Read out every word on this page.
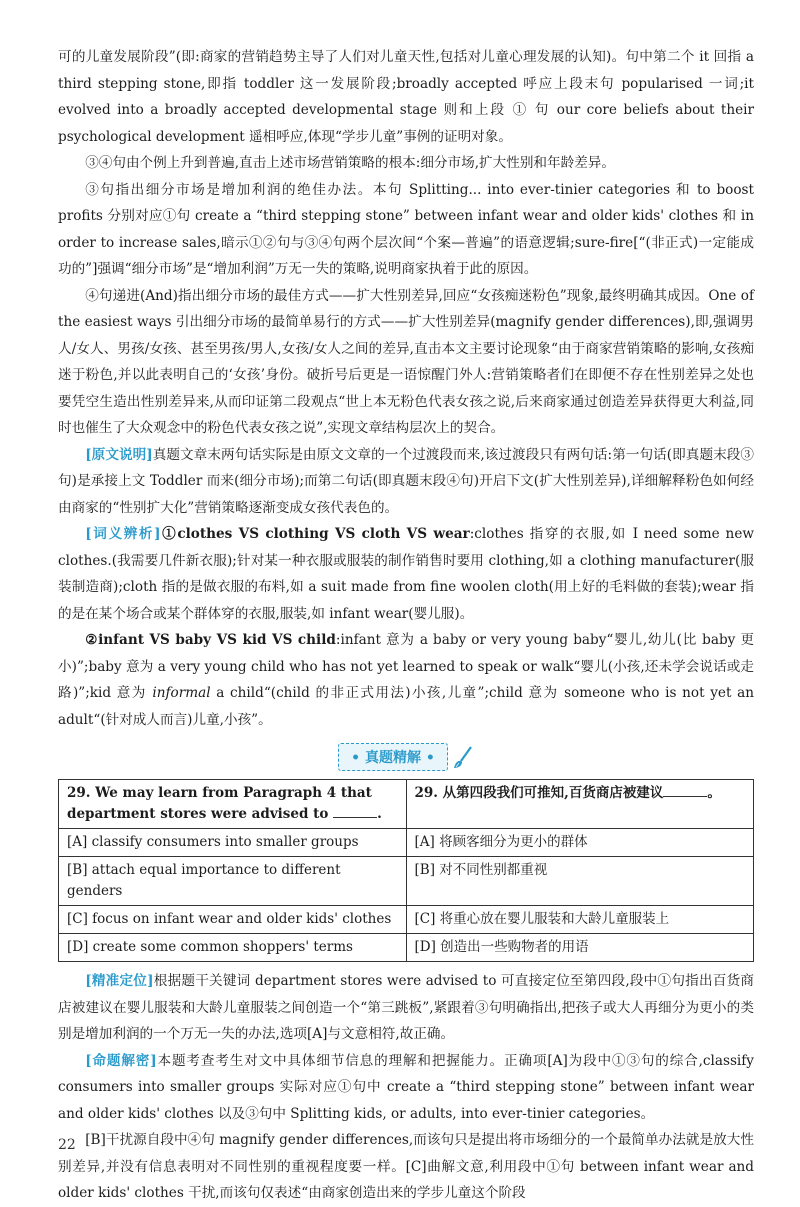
可的儿童发展阶段”(即:商家的营销趋势主导了人们对儿童天性,包括对儿童心理发展的认知)。句中第二个 it 回指 a third stepping stone,即指 toddler 这一发展阶段;broadly accepted 呼应上段末句 popularised 一词;it evolved into a broadly accepted developmental stage 则和上段 ① 句 our core beliefs about their psychological development 遥相呼应,体现“学步儿童”事例的证明对象。

③④句由个例上升到普遍,直击上述市场营销策略的根本:细分市场,扩大性别和年龄差异。

③句指出细分市场是增加利润的绝佳办法。本句 Splitting... into ever-tinier categories 和 to boost profits 分别对应①句 create a “third stepping stone” between infant wear and older kids' clothes 和 in order to increase sales,暗示①②句与③④句两个层次间“个案—普遍”的语意逻辑;sure-fire[“(非正式)一定能成功的”]强调“细分市场”是“增加利润”万无一失的策略,说明商家执着于此的原因。

④句递进(And)指出细分市场的最佳方式——扩大性别差异,回应“女孩痴迷粉色”现象,最终明确其成因。One of the easiest ways 引出细分市场的最简单易行的方式——扩大性别差异(magnify gender differences),即,强调男人/女人、男孩/女孩、甚至男孩/男人,女孩/女人之间的差异,直击本文主要讨论现象“由于商家营销策略的影响,女孩痴迷于粉色,并以此表明自己的‘女孩’身份。破折号后更是一语惊醒门外人:营销策略者们在即便不存在性别差异之处也要凭空生造出性别差异来,从而印证第二段观点“世上本无粉色代表女孩之说,后来商家通过创造差异获得更大利益,同时也催生了大众观念中的粉色代表女孩之说”,实现文章结构层次上的契合。

[原文说明]真题文章末两句话实际是由原文文章的一个过渡段而来,该过渡段只有两句话:第一句话(即真题末段③句)是承接上文 Toddler 而来(细分市场);而第二句话(即真题末段④句)开启下文(扩大性别差异),详细解释粉色如何经由商家的“性别扩大化”营销策略逐渐变成女孩代表色的。

[词义辨析]①clothes VS clothing VS cloth VS wear:clothes 指穿的衣服,如 I need some new clothes.(我需要几件新衣服);针对某一种衣服或服装的制作销售时要用 clothing,如 a clothing manufacturer(服装制造商);cloth 指的是做衣服的布料,如 a suit made from fine woolen cloth(用上好的毛料做的套装);wear 指的是在某个场合或某个群体穿的衣服,服装,如 infant wear(婴儿服)。

②infant VS baby VS kid VS child:infant 意为 a baby or very young baby“婴儿,幼儿(比 baby 更小)”;baby 意为 a very young child who has not yet learned to speak or walk“婴儿(小孩,还未学会说话或走路)”;kid 意为 informal a child“(child 的非正式用法)小孩,儿童”;child 意为 someone who is not yet an adult“(针对成人而言)儿童,小孩”。

• 真题精解 •
29. We may learn from Paragraph 4 that department stores were advised to .	29. 从第四段我们可推知,百货商店被建议 。
[A] classify consumers into smaller groups	[A] 将顾客细分为更小的群体
[B] attach equal importance to different genders	[B] 对不同性别都重视
[C] focus on infant wear and older kids' clothes	[C] 将重心放在婴儿服装和大龄儿童服装上
[D] create some common shoppers' terms	[D] 创造出一些购物者的用语

[精准定位]根据题干关键词 department stores were advised to 可直接定位至第四段,段中①句指出百货商店被建议在婴儿服装和大龄儿童服装之间创造一个“第三跳板”,紧跟着③句明确指出,把孩子或大人再细分为更小的类别是增加利润的一个万无一失的办法,选项[A]与文意相符,故正确。

[命题解密]本题考查考生对文中具体细节信息的理解和把握能力。正确项[A]为段中①③句的综合,classify consumers into smaller groups 实际对应①句中 create a “third stepping stone” between infant wear and older kids' clothes 以及③句中 Splitting kids, or adults, into ever-tinier categories。

[B]干扰源自段中④句 magnify gender differences,而该句只是提出将市场细分的一个最简单办法就是放大性别差异,并没有信息表明对不同性别的重视程度要一样。[C]曲解文意,利用段中①句 between infant wear and older kids' clothes 干扰,而该句仅表述“由商家创造出来的学步儿童这个阶段

22
